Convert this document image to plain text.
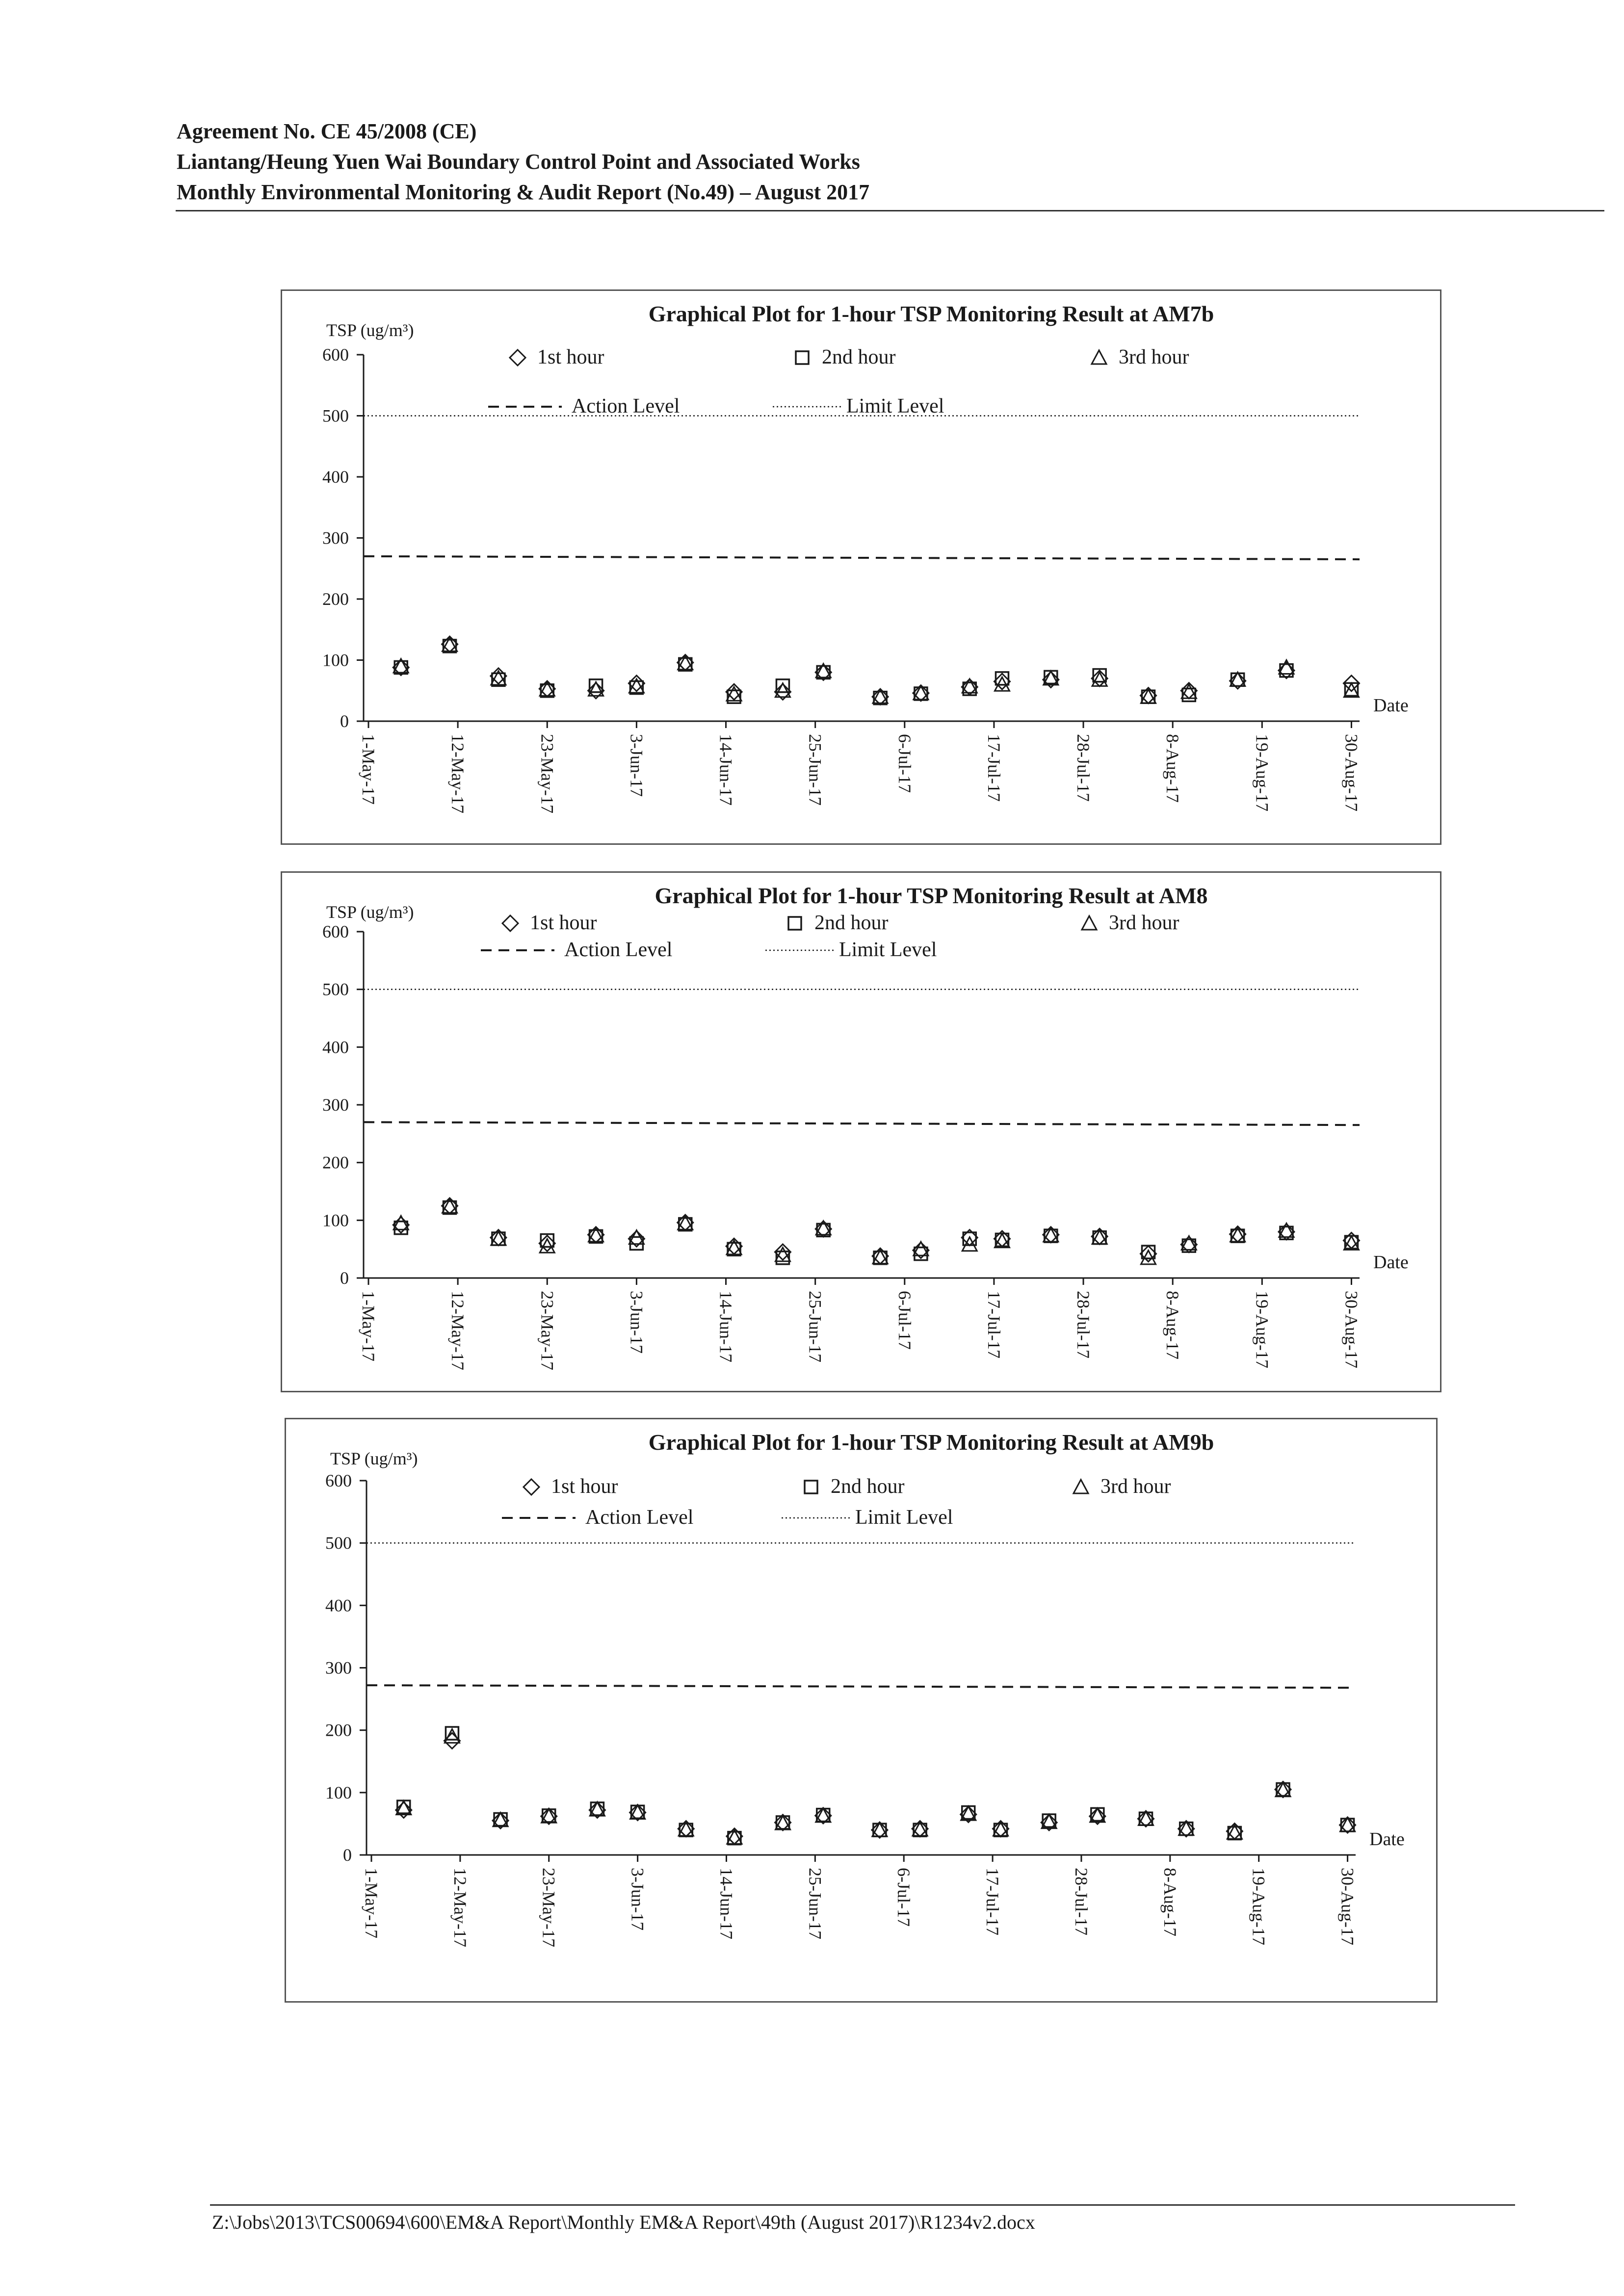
Agreement No. CE 45/2008 (CE)
Liantang/Heung Yuen Wai Boundary Control Point and Associated Works
Monthly Environmental Monitoring & Audit Report (No.49) – August 2017
Graphical Plot for 1-hour TSP Monitoring Result at AM7b
TSP (ug/m³)
0
100
200
300
400
500
600
1-May-17	12-May-17	23-May-17	3-Jun-17	14-Jun-17	25-Jun-17	6-Jul-17	17-Jul-17	28-Jul-17	8-Aug-17	19-Aug-17	30-Aug-17
Date
1st hour	2nd hour	3rd hour
Action Level	Limit Level
Graphical Plot for 1-hour TSP Monitoring Result at AM8
TSP (ug/m³)
0
100
200
300
400
500
600
1-May-17	12-May-17	23-May-17	3-Jun-17	14-Jun-17	25-Jun-17	6-Jul-17	17-Jul-17	28-Jul-17	8-Aug-17	19-Aug-17	30-Aug-17
Date
1st hour	2nd hour	3rd hour
Action Level	Limit Level
Graphical Plot for 1-hour TSP Monitoring Result at AM9b
TSP (ug/m³)
0
100
200
300
400
500
600
1-May-17	12-May-17	23-May-17	3-Jun-17	14-Jun-17	25-Jun-17	6-Jul-17	17-Jul-17	28-Jul-17	8-Aug-17	19-Aug-17	30-Aug-17
Date
1st hour	2nd hour	3rd hour
Action Level	Limit Level
Z:\Jobs\2013\TCS00694\600\EM&A Report\Monthly EM&A Report\49th (August 2017)\R1234v2.docx
